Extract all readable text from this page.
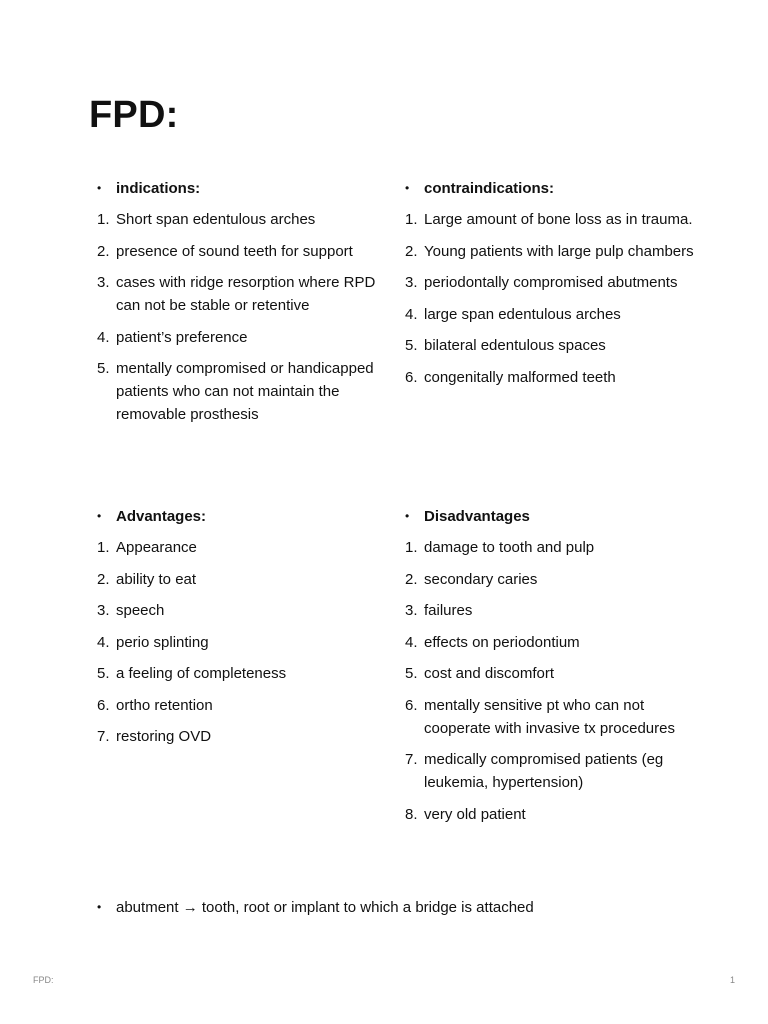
FPD:
• indications:
1. Short span edentulous arches
2. presence of sound teeth for support
3. cases with ridge resorption where RPD can not be stable or retentive
4. patient’s preference
5. mentally compromised or handicapped patients who can not maintain the removable prosthesis
• contraindications:
1. Large amount of bone loss as in trauma.
2. Young patients with large pulp chambers
3. periodontally compromised abutments
4. large span edentulous arches
5. bilateral edentulous spaces
6. congenitally malformed teeth
• Advantages:
1. Appearance
2. ability to eat
3. speech
4. perio splinting
5. a feeling of completeness
6. ortho retention
7. restoring OVD
• Disadvantages
1. damage to tooth and pulp
2. secondary caries
3. failures
4. effects on periodontium
5. cost and discomfort
6. mentally sensitive pt who can not cooperate with invasive tx procedures
7. medically compromised patients (eg leukemia, hypertension)
8. very old patient
• abutment → tooth, root or implant to which a bridge is attached
FPD:	1
